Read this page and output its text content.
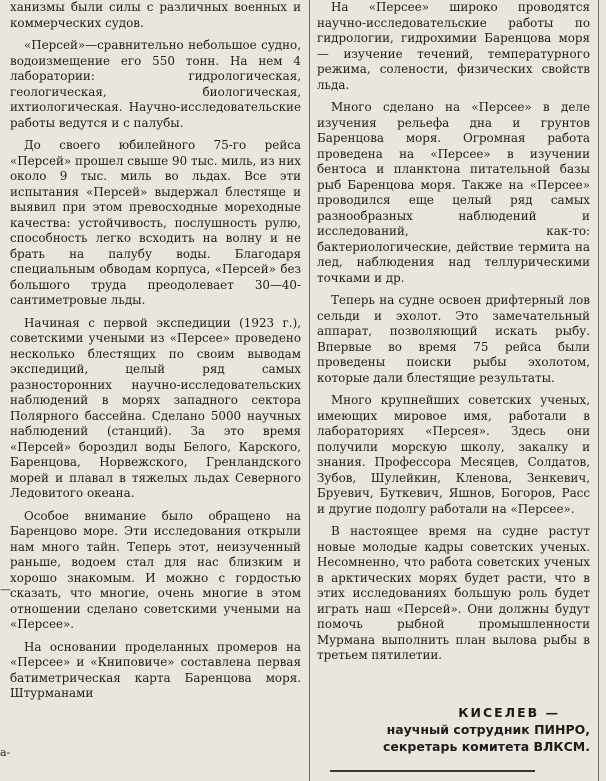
ханизмы были силы с различных военных и коммерческих судов.

«Персей»—сравнительно небольшое судно, водоизмещение его 550 тонн. На нем 4 лаборатории: гидрологическая, геологическая, биологическая, ихтиологическая. Научно-исследовательские работы ведутся и с палубы.

До своего юбилейного 75-го рейса «Персей» прошел свыше 90 тыс. миль, из них около 9 тыс. миль во льдах. Все эти испытания «Персей» выдержал блестяще и выявил при этом превосходные мореходные качества: устойчивость, послушность рулю, способность легко всходить на волну и не брать на палубу воды. Благодаря специальным обводам корпуса, «Персей» без большого труда преодолевает 30—40-сантиметровые льды.

Начиная с первой экспедиции (1923 г.), советскими учеными из «Персее» проведено несколько блестящих по своим выводам экспедиций, целый ряд самых разносторонних научно-исследовательских наблюдений в морях западного сектора Полярного бассейна. Сделано 5000 научных наблюдений (станций). За это время «Персей» бороздил воды Белого, Карского, Баренцова, Норвежского, Гренландского морей и плавал в тяжелых льдах Северного Ледовитого океана.

Особое внимание было обращено на Баренцово море. Эти исследования открыли нам много тайн. Теперь этот, неизученный раньше, водоем стал для нас близким и хорошо знакомым. И можно с гордостью сказать, что многие, очень многие в этом отношении сделано советскими учеными на «Персее».

На основании проделанных промеров на «Персее» и «Книповиче» составлена первая батиметрическая карта Баренцова моря. Штурманами

На «Персее» широко проводятся научно-исследовательские работы по гидрологии, гидрохимии Баренцова моря — изучение течений, температурного режима, солености, физических свойств льда.

Много сделано на «Персее» в деле изучения рельефа дна и грунтов Баренцова моря. Огромная работа проведена на «Персее» в изучении бентоса и планктона питательной базы рыб Баренцова моря. Также на «Персее» проводился еще целый ряд самых разнообразных наблюдений и исследований, как-то: бактериологические, действие термита на лед, наблюдения над теллурическими точками и др.

Теперь на судне освоен дрифтерный лов сельди и эхолот. Это замечательный аппарат, позволяющий искать рыбу. Впервые во время 75 рейса были проведены поиски рыбы эхолотом, которые дали блестящие результаты.

Много крупнейших советских ученых, имеющих мировое имя, работали в лабораториях «Персея». Здесь они получили морскую школу, закалку и знания. Профессора Месяцев, Солдатов, Зубов, Шулейкин, Кленова, Зенкевич, Бруевич, Буткевич, Яшнов, Богоров, Расс и другие подолгу работали на «Персее».

В настоящее время на судне растут новые молодые кадры советских ученых. Несомненно, что работа советских ученых в арктических морях будет расти, что в этих исследованиях большую роль будет играть наш «Персей». Они должны будут помочь рыбной промышленности Мурмана выполнить план вылова рыбы в третьем пятилетии.

КИСЕЛЕВ —
научный сотрудник ПИНРО,
секретарь комитета ВЛКСМ.
—
а-
